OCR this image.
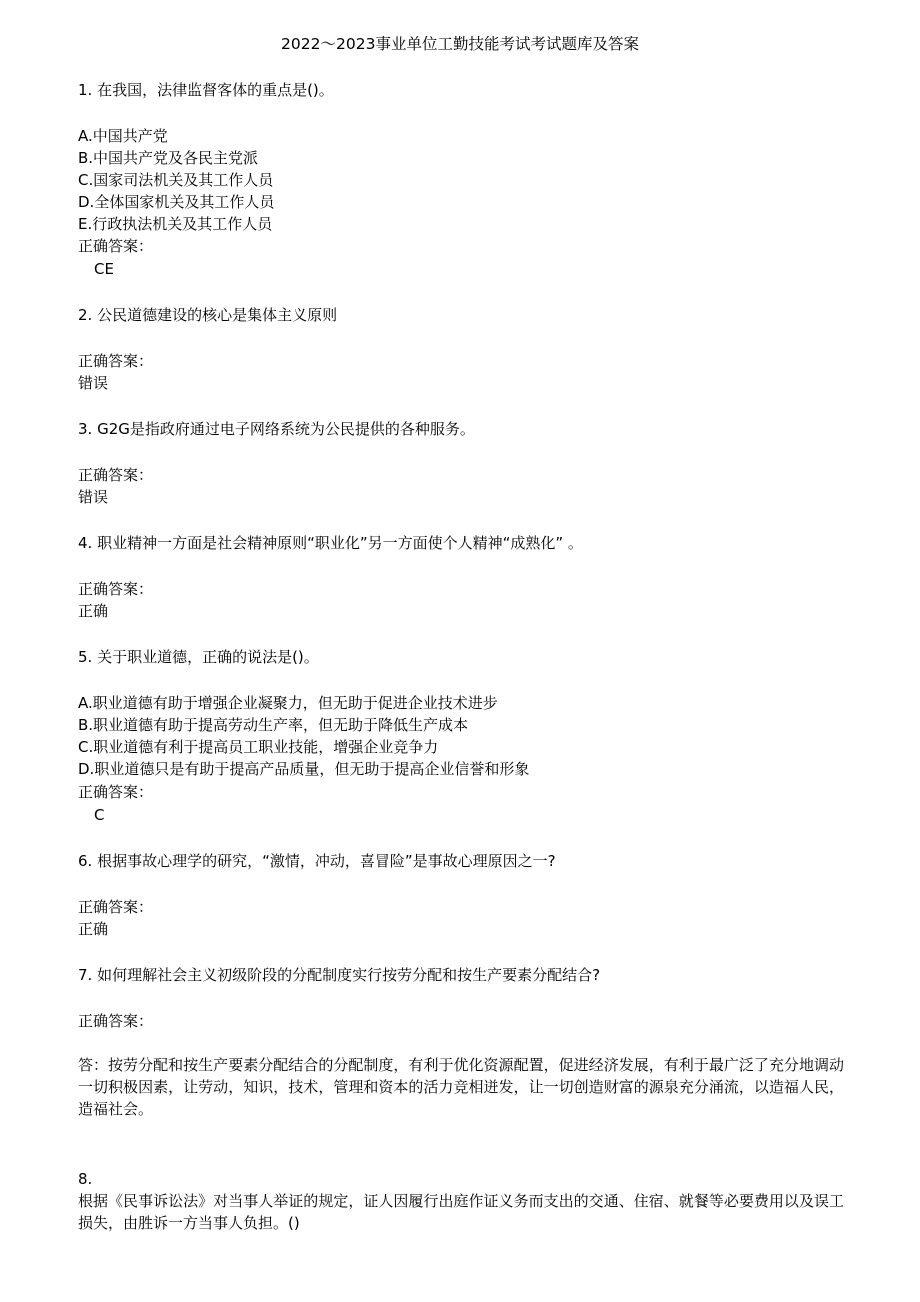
2022～2023事业单位工勤技能考试考试题库及答案
1. 在我国，法律监督客体的重点是()。
A.中国共产党
B.中国共产党及各民主党派
C.国家司法机关及其工作人员
D.全体国家机关及其工作人员
E.行政执法机关及其工作人员
正确答案：
CE
2. 公民道德建设的核心是集体主义原则
正确答案：
错误
3. G2G是指政府通过电子网络系统为公民提供的各种服务。
正确答案：
错误
4. 职业精神一方面是社会精神原则“职业化”另一方面使个人精神“成熟化” 。
正确答案：
正确
5. 关于职业道德，正确的说法是()。
A.职业道德有助于增强企业凝聚力，但无助于促进企业技术进步
B.职业道德有助于提高劳动生产率，但无助于降低生产成本
C.职业道德有利于提高员工职业技能，增强企业竞争力
D.职业道德只是有助于提高产品质量，但无助于提高企业信誉和形象
正确答案：
C
6. 根据事故心理学的研究，“激情，冲动，喜冒险”是事故心理原因之一?
正确答案：
正确
7. 如何理解社会主义初级阶段的分配制度实行按劳分配和按生产要素分配结合?
正确答案：
答：按劳分配和按生产要素分配结合的分配制度，有利于优化资源配置，促进经济发展，有利于最广泛了充分地调动一切积极因素，让劳动，知识，技术，管理和资本的活力竞相迸发，让一切创造财富的源泉充分涌流，以造福人民，造福社会。
8.
根据《民事诉讼法》对当事人举证的规定，证人因履行出庭作证义务而支出的交通、住宿、就餐等必要费用以及误工损失，由胜诉一方当事人负担。()
